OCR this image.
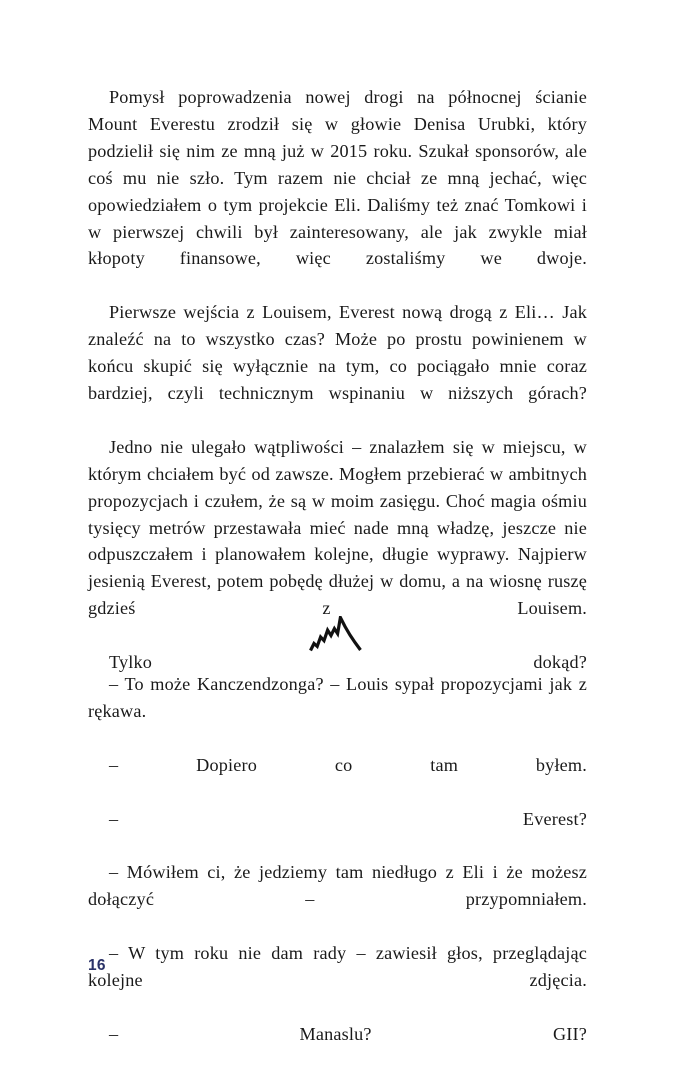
Pomysł poprowadzenia nowej drogi na północnej ścianie Mount Everestu zrodził się w głowie Denisa Urubki, który podzielił się nim ze mną już w 2015 roku. Szukał sponsorów, ale coś mu nie szło. Tym razem nie chciał ze mną jechać, więc opowiedziałem o tym projekcie Eli. Daliśmy też znać Tomkowi i w pierwszej chwili był zainteresowany, ale jak zwykle miał kłopoty finansowe, więc zostaliśmy we dwoje.

Pierwsze wejścia z Louisem, Everest nową drogą z Eli… Jak znaleźć na to wszystko czas? Może po prostu powinienem w końcu skupić się wyłącznie na tym, co pociągało mnie coraz bardziej, czyli technicznym wspinaniu w niższych górach?

Jedno nie ulegało wątpliwości – znalazłem się w miejscu, w którym chciałem być od zawsze. Mogłem przebierać w ambitnych propozycjach i czułem, że są w moim zasięgu. Choć magia ośmiu tysięcy metrów przestawała mieć nade mną władzę, jeszcze nie odpuszczałem i planowałem kolejne, długie wyprawy. Najpierw jesienią Everest, potem pobędę dłużej w domu, a na wiosnę ruszę gdzieś z Louisem.

Tylko dokąd?

– To może Kanczendzonga? – Louis sypał propozycjami jak z rękawa.

– Dopiero co tam byłem.

– Everest?

– Mówiłem ci, że jedziemy tam niedługo z Eli i że możesz dołączyć – przypomniałem.

– W tym roku nie dam rady – zawiesił głos, przeglądając kolejne zdjęcia.

– Manaslu? GII?

16
